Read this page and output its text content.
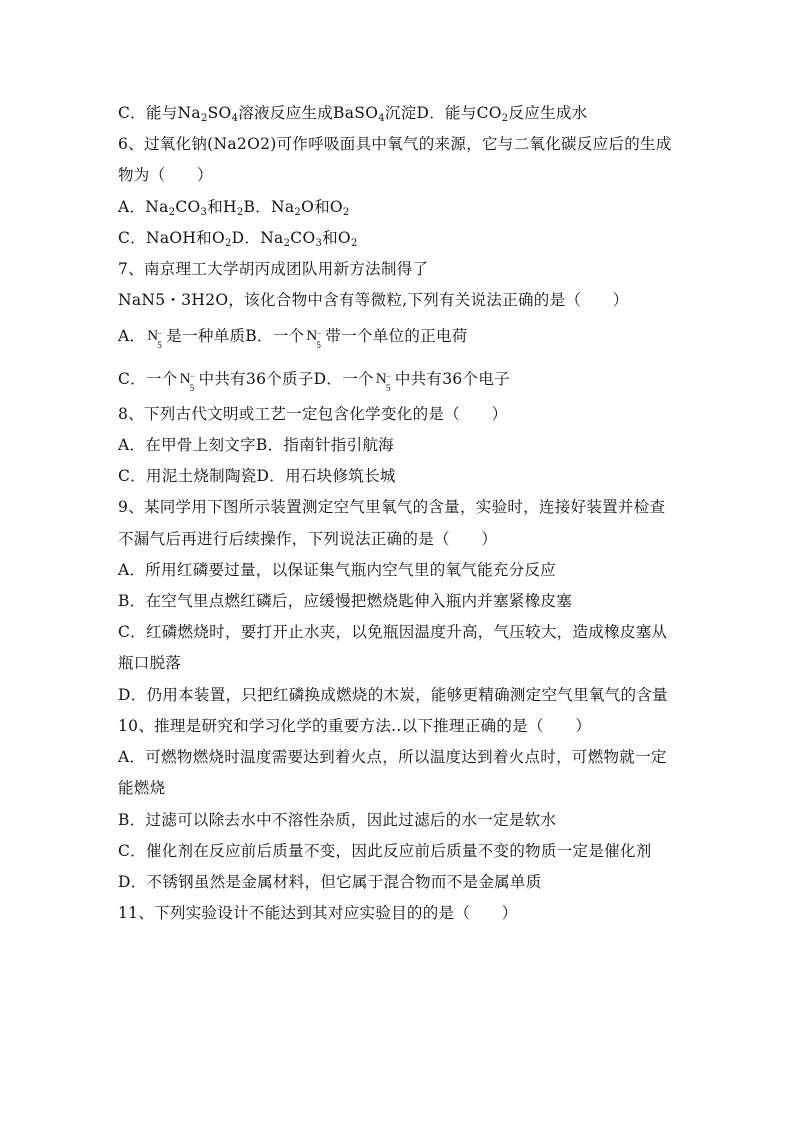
C．能与$Na_2SO_4$溶液反应生成BaSO$_4$沉淀D．能与$CO_2$反应生成水
6、过氧化钠(Na2O2)可作呼吸面具中氧气的来源，它与二氧化碳反应后的生成
物为（　　）
A．$Na_2CO_3$和$H_2B$．$Na_2O$和$O_2$
C．NaOH和$O_2D$．$Na_2CO_3$和$O_2$
7、南京理工大学胡丙成团队用新方法制得了
NaN5・3H2O，该化合物中含有等微粒,下列有关说法正确的是（　　）
A． N
−
5 是一种单质B．一个 N
−
5 带一个单位的正电荷
C．一个 N
−
5 中共有36个质子D．一个 N
−
5 中共有36个电子
8、下列古代文明或工艺一定包含化学变化的是（　　）
A．在甲骨上刻文字B．指南针指引航海
C．用泥土烧制陶瓷D．用石块修筑长城
9、某同学用下图所示装置测定空气里氧气的含量，实验时，连接好装置并检查
不漏气后再进行后续操作，下列说法正确的是（　　）
A．所用红磷要过量，以保证集气瓶内空气里的氧气能充分反应
B．在空气里点燃红磷后，应缓慢把燃烧匙伸入瓶内并塞紧橡皮塞
C．红磷燃烧时，要打开止水夹，以免瓶因温度升高，气压较大，造成橡皮塞从
瓶口脱落
D．仍用本装置，只把红磷换成燃烧的木炭，能够更精确测定空气里氧气的含量
10、推理是研究和学习化学的重要方法..以下推理正确的是（　　）
A．可燃物燃烧时温度需要达到着火点，所以温度达到着火点时，可燃物就一定
能燃烧
B．过滤可以除去水中不溶性杂质，因此过滤后的水一定是软水
C．催化剂在反应前后质量不变，因此反应前后质量不变的物质一定是催化剂
D．不锈钢虽然是金属材料，但它属于混合物而不是金属单质
11、下列实验设计不能达到其对应实验目的的是（　　）
